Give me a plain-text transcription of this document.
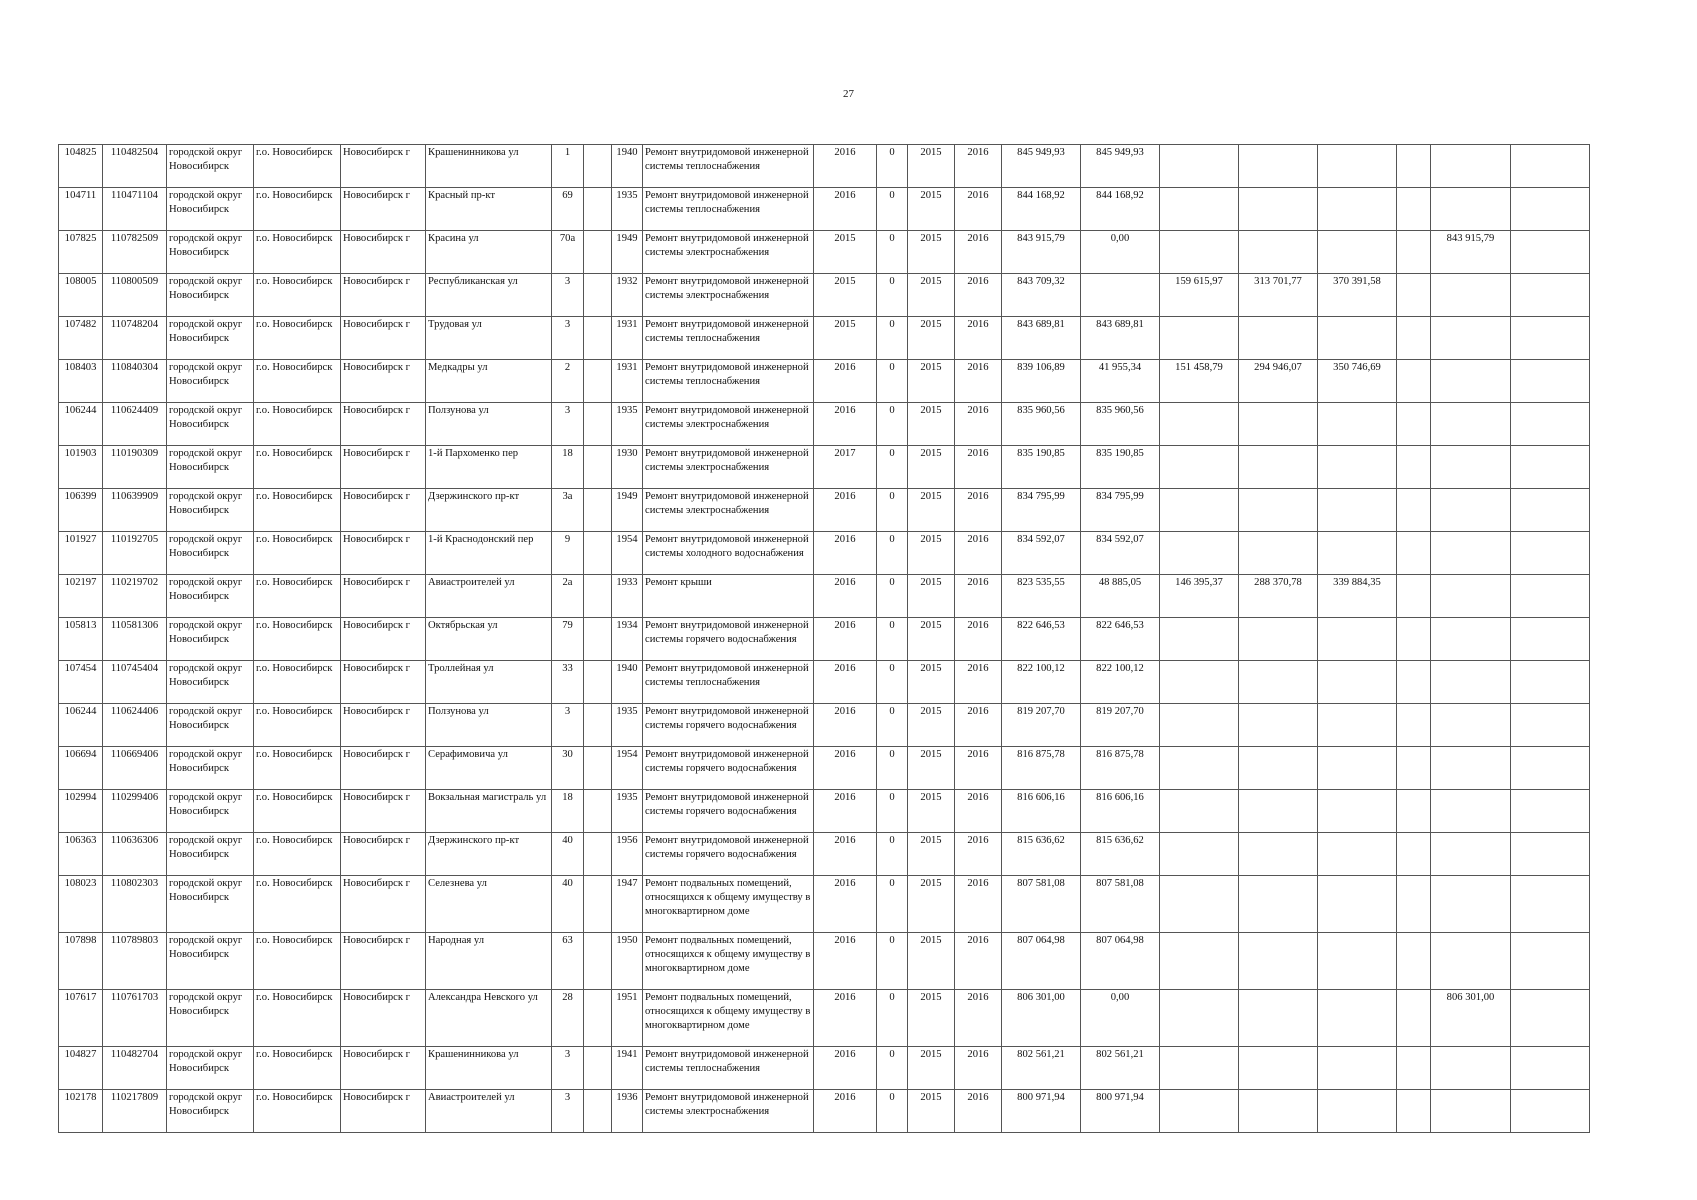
27
104825	110482504	городской округ Новосибирск	г.о. Новосибирск	Новосибирск г	Крашенинникова ул	1		1940	Ремонт внутридомовой инженерной системы теплоснабжения	2016	0	2015	2016	845 949,93	845 949,93						
104711	110471104	городской округ Новосибирск	г.о. Новосибирск	Новосибирск г	Красный пр-кт	69		1935	Ремонт внутридомовой инженерной системы теплоснабжения	2016	0	2015	2016	844 168,92	844 168,92						
107825	110782509	городской округ Новосибирск	г.о. Новосибирск	Новосибирск г	Красина ул	70а		1949	Ремонт внутридомовой инженерной системы электроснабжения	2015	0	2015	2016	843 915,79	0,00					843 915,79	
108005	110800509	городской округ Новосибирск	г.о. Новосибирск	Новосибирск г	Республиканская ул	3		1932	Ремонт внутридомовой инженерной системы электроснабжения	2015	0	2015	2016	843 709,32		159 615,97	313 701,77	370 391,58			
107482	110748204	городской округ Новосибирск	г.о. Новосибирск	Новосибирск г	Трудовая ул	3		1931	Ремонт внутридомовой инженерной системы теплоснабжения	2015	0	2015	2016	843 689,81	843 689,81						
108403	110840304	городской округ Новосибирск	г.о. Новосибирск	Новосибирск г	Медкадры ул	2		1931	Ремонт внутридомовой инженерной системы теплоснабжения	2016	0	2015	2016	839 106,89	41 955,34	151 458,79	294 946,07	350 746,69			
106244	110624409	городской округ Новосибирск	г.о. Новосибирск	Новосибирск г	Ползунова ул	3		1935	Ремонт внутридомовой инженерной системы электроснабжения	2016	0	2015	2016	835 960,56	835 960,56						
101903	110190309	городской округ Новосибирск	г.о. Новосибирск	Новосибирск г	1-й Пархоменко пер	18		1930	Ремонт внутридомовой инженерной системы электроснабжения	2017	0	2015	2016	835 190,85	835 190,85						
106399	110639909	городской округ Новосибирск	г.о. Новосибирск	Новосибирск г	Дзержинского пр-кт	3а		1949	Ремонт внутридомовой инженерной системы электроснабжения	2016	0	2015	2016	834 795,99	834 795,99						
101927	110192705	городской округ Новосибирск	г.о. Новосибирск	Новосибирск г	1-й Краснодонский пер	9		1954	Ремонт внутридомовой инженерной системы холодного водоснабжения	2016	0	2015	2016	834 592,07	834 592,07						
102197	110219702	городской округ Новосибирск	г.о. Новосибирск	Новосибирск г	Авиастроителей ул	2а		1933	Ремонт крыши	2016	0	2015	2016	823 535,55	48 885,05	146 395,37	288 370,78	339 884,35			
105813	110581306	городской округ Новосибирск	г.о. Новосибирск	Новосибирск г	Октябрьская ул	79		1934	Ремонт внутридомовой инженерной системы горячего водоснабжения	2016	0	2015	2016	822 646,53	822 646,53						
107454	110745404	городской округ Новосибирск	г.о. Новосибирск	Новосибирск г	Троллейная ул	33		1940	Ремонт внутридомовой инженерной системы теплоснабжения	2016	0	2015	2016	822 100,12	822 100,12						
106244	110624406	городской округ Новосибирск	г.о. Новосибирск	Новосибирск г	Ползунова ул	3		1935	Ремонт внутридомовой инженерной системы горячего водоснабжения	2016	0	2015	2016	819 207,70	819 207,70						
106694	110669406	городской округ Новосибирск	г.о. Новосибирск	Новосибирск г	Серафимовича ул	30		1954	Ремонт внутридомовой инженерной системы горячего водоснабжения	2016	0	2015	2016	816 875,78	816 875,78						
102994	110299406	городской округ Новосибирск	г.о. Новосибирск	Новосибирск г	Вокзальная магистраль ул	18		1935	Ремонт внутридомовой инженерной системы горячего водоснабжения	2016	0	2015	2016	816 606,16	816 606,16						
106363	110636306	городской округ Новосибирск	г.о. Новосибирск	Новосибирск г	Дзержинского пр-кт	40		1956	Ремонт внутридомовой инженерной системы горячего водоснабжения	2016	0	2015	2016	815 636,62	815 636,62						
108023	110802303	городской округ Новосибирск	г.о. Новосибирск	Новосибирск г	Селезнева ул	40		1947	Ремонт подвальных помещений, относящихся к общему имуществу в многоквартирном доме	2016	0	2015	2016	807 581,08	807 581,08						
107898	110789803	городской округ Новосибирск	г.о. Новосибирск	Новосибирск г	Народная ул	63		1950	Ремонт подвальных помещений, относящихся к общему имуществу в многоквартирном доме	2016	0	2015	2016	807 064,98	807 064,98						
107617	110761703	городской округ Новосибирск	г.о. Новосибирск	Новосибирск г	Александра Невского ул	28		1951	Ремонт подвальных помещений, относящихся к общему имуществу в многоквартирном доме	2016	0	2015	2016	806 301,00	0,00					806 301,00	
104827	110482704	городской округ Новосибирск	г.о. Новосибирск	Новосибирск г	Крашенинникова ул	3		1941	Ремонт внутридомовой инженерной системы теплоснабжения	2016	0	2015	2016	802 561,21	802 561,21						
102178	110217809	городской округ Новосибирск	г.о. Новосибирск	Новосибирск г	Авиастроителей ул	3		1936	Ремонт внутридомовой инженерной системы электроснабжения	2016	0	2015	2016	800 971,94	800 971,94						
